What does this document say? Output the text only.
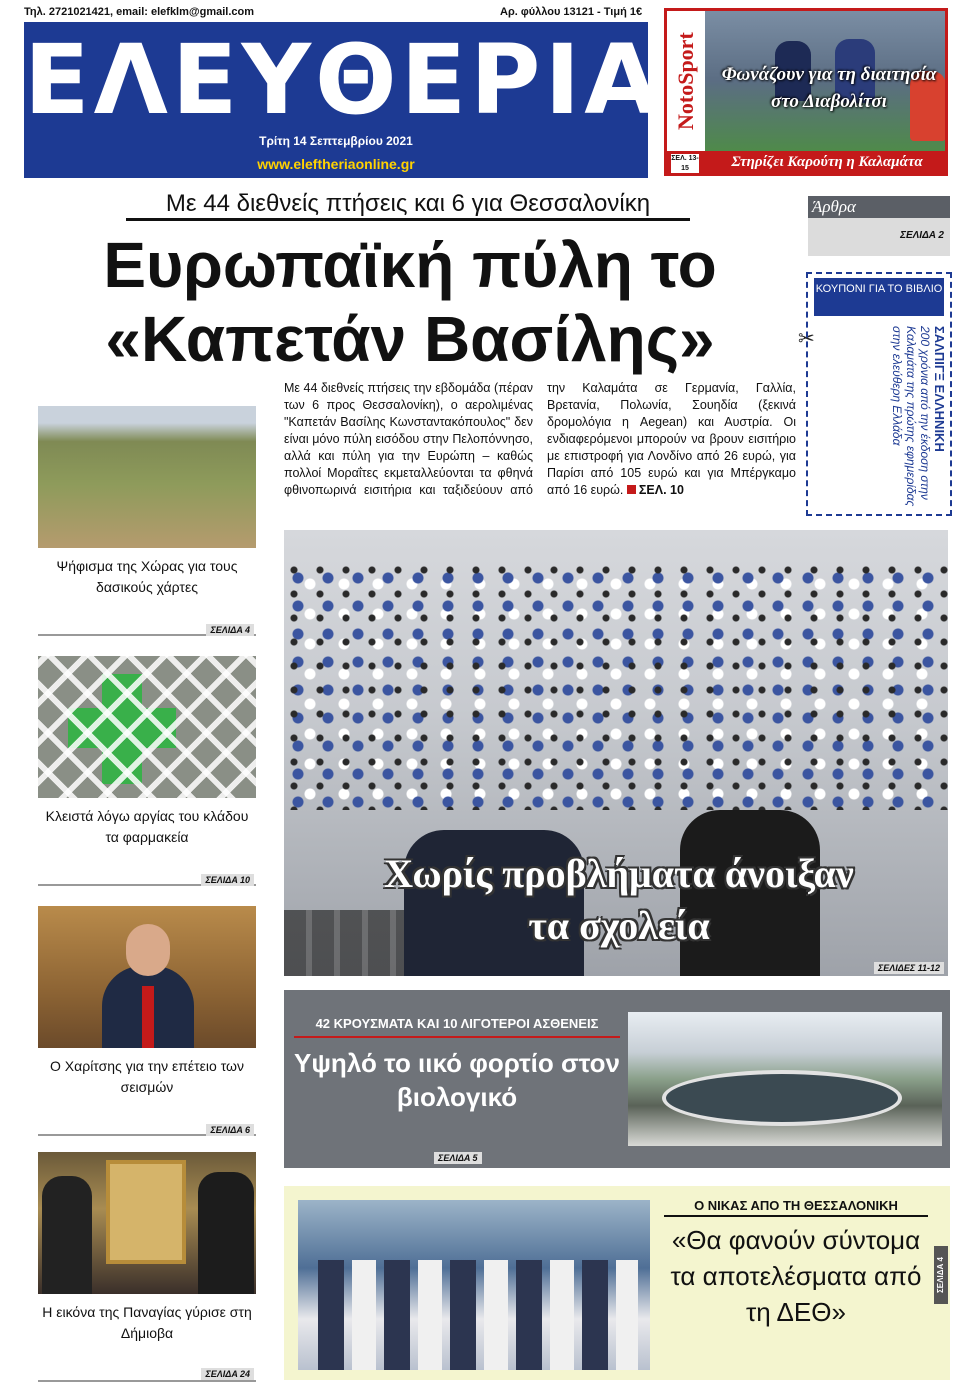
Τηλ. 2721021421, email: elefklm@gmail.com	Αρ. φύλλου 13121 - Τιμή 1€
ΕΛΕΥΘΕΡΙΑ
Τρίτη 14 Σεπτεμβρίου 2021
www.eleftheriaonline.gr
NotoSport	Φωνάζουν για τη διαιτησία στο Διαβολίτσι
ΣΕΛ. 13-15	Στηρίζει Καρούτη η Καλαμάτα
Με 44 διεθνείς πτήσεις και 6 για Θεσσαλονίκη
Ευρωπαϊκή πύλη το «Καπετάν Βασίλης»
Άρθρα
ΣΕΛΙΔΑ 2
✂
ΚΟΥΠΟΝΙ ΓΙΑ ΤΟ ΒΙΒΛΙΟ
ΣΑΛΠΙΓΞ ΕΛΛΗΝΙΚΗ
200 χρόνια από την έκδοση στην Καλαμάτα της πρώτης εφημερίδας στην ελεύθερη Ελλάδα
Με 44 διεθνείς πτήσεις την εβδομάδα (πέραν των 6 προς Θεσσαλονίκη), ο αερολιμένας "Καπετάν Βασίλης Κωνσταντακόπουλος" δεν είναι μόνο πύλη εισόδου στην Πελοπόννησο, αλλά και πύλη για την Ευρώπη – καθώς πολλοί Μοραΐτες εκμεταλλεύονται τα φθηνά φθινοπωρινά εισιτήρια και ταξιδεύουν από την Καλαμάτα σε Γερμανία, Γαλλία, Βρετανία, Πολωνία, Σουηδία (ξεκινά δρομολόγια η Aegean) και Αυστρία. Οι ενδιαφερόμενοι μπορούν να βρουν εισιτήριο με επιστροφή για Λονδίνο από 26 ευρώ, για Παρίσι από 105 ευρώ και για Μπέργκαμο από 16 ευρώ. ΣΕΛ. 10
Ψήφισμα της Χώρας για τους δασικούς χάρτες
ΣΕΛΙΔΑ 4
Κλειστά λόγω αργίας του κλάδου τα φαρμακεία
ΣΕΛΙΔΑ 10
Ο Χαρίτσης για την επέτειο των σεισμών
ΣΕΛΙΔΑ 6
Η εικόνα της Παναγίας γύρισε στη Δήμιοβα
ΣΕΛΙΔΑ 24
Χωρίς προβλήματα άνοιξαν τα σχολεία
ΣΕΛΙΔΕΣ 11-12
42 ΚΡΟΥΣΜΑΤΑ ΚΑΙ 10 ΛΙΓΟΤΕΡΟΙ ΑΣΘΕΝΕΙΣ
Υψηλό το ιικό φορτίο στον βιολογικό
ΣΕΛΙΔΑ 5
Ο ΝΙΚΑΣ ΑΠΟ ΤΗ ΘΕΣΣΑΛΟΝΙΚΗ
«Θα φανούν σύντομα τα αποτελέσματα από τη ΔΕΘ»
ΣΕΛΙΔΑ 4
